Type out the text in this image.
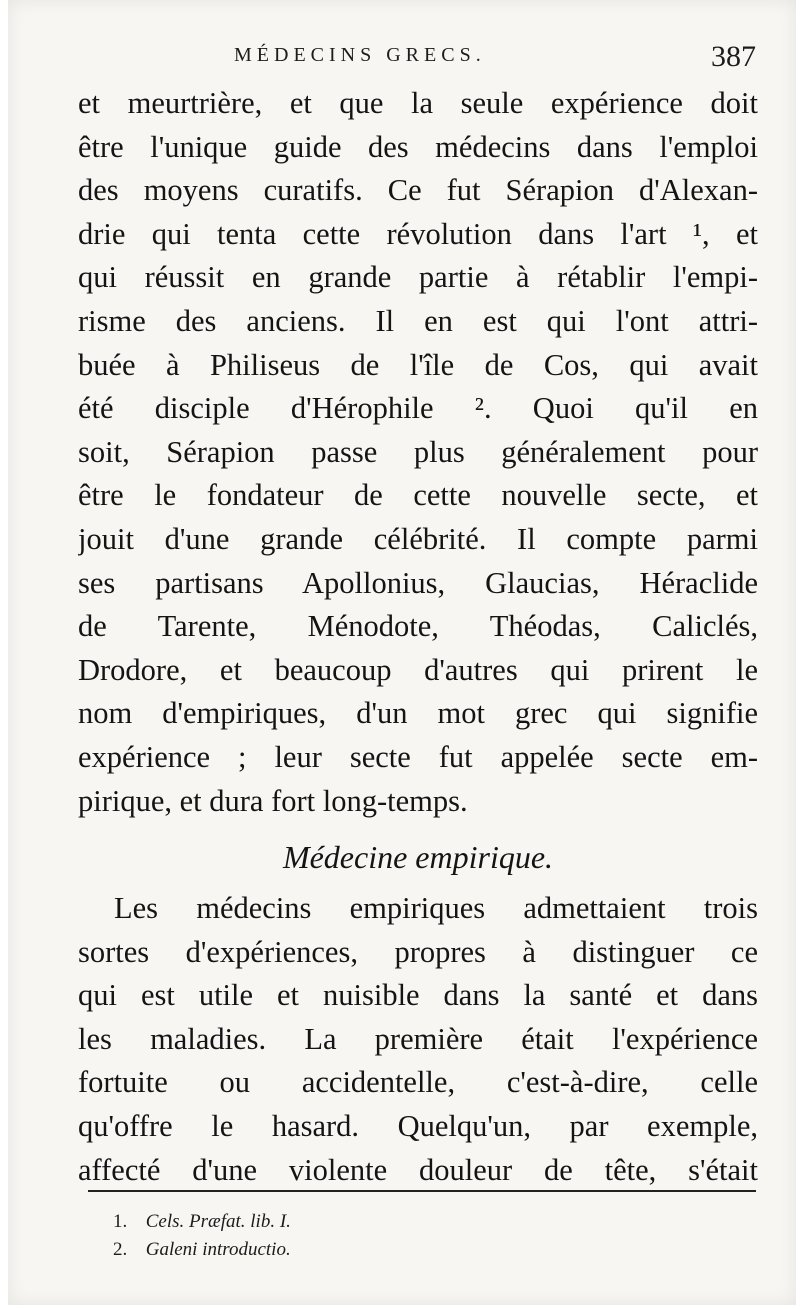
MÉDECINS GRECS.	387
et meurtrière, et que la seule expérience doit
être l'unique guide des médecins dans l'emploi
des moyens curatifs. Ce fut Sérapion d'Alexan-
drie qui tenta cette révolution dans l'art ¹, et
qui réussit en grande partie à rétablir l'empi-
risme des anciens. Il en est qui l'ont attri-
buée à Philiseus de l'île de Cos, qui avait
été disciple d'Hérophile ². Quoi qu'il en
soit, Sérapion passe plus généralement pour
être le fondateur de cette nouvelle secte, et
jouit d'une grande célébrité. Il compte parmi
ses partisans Apollonius, Glaucias, Héraclide
de Tarente, Ménodote, Théodas, Caliclés,
Drodore, et beaucoup d'autres qui prirent le
nom d'empiriques, d'un mot grec qui signifie
expérience ; leur secte fut appelée secte em-
pirique, et dura fort long-temps.
Médecine empirique.
Les médecins empiriques admettaient trois
sortes d'expériences, propres à distinguer ce
qui est utile et nuisible dans la santé et dans
les maladies. La première était l'expérience
fortuite ou accidentelle, c'est-à-dire, celle
qu'offre le hasard. Quelqu'un, par exemple,
affecté d'une violente douleur de tête, s'était
1. Cels. Præfat. lib. I.
2. Galeni introductio.
